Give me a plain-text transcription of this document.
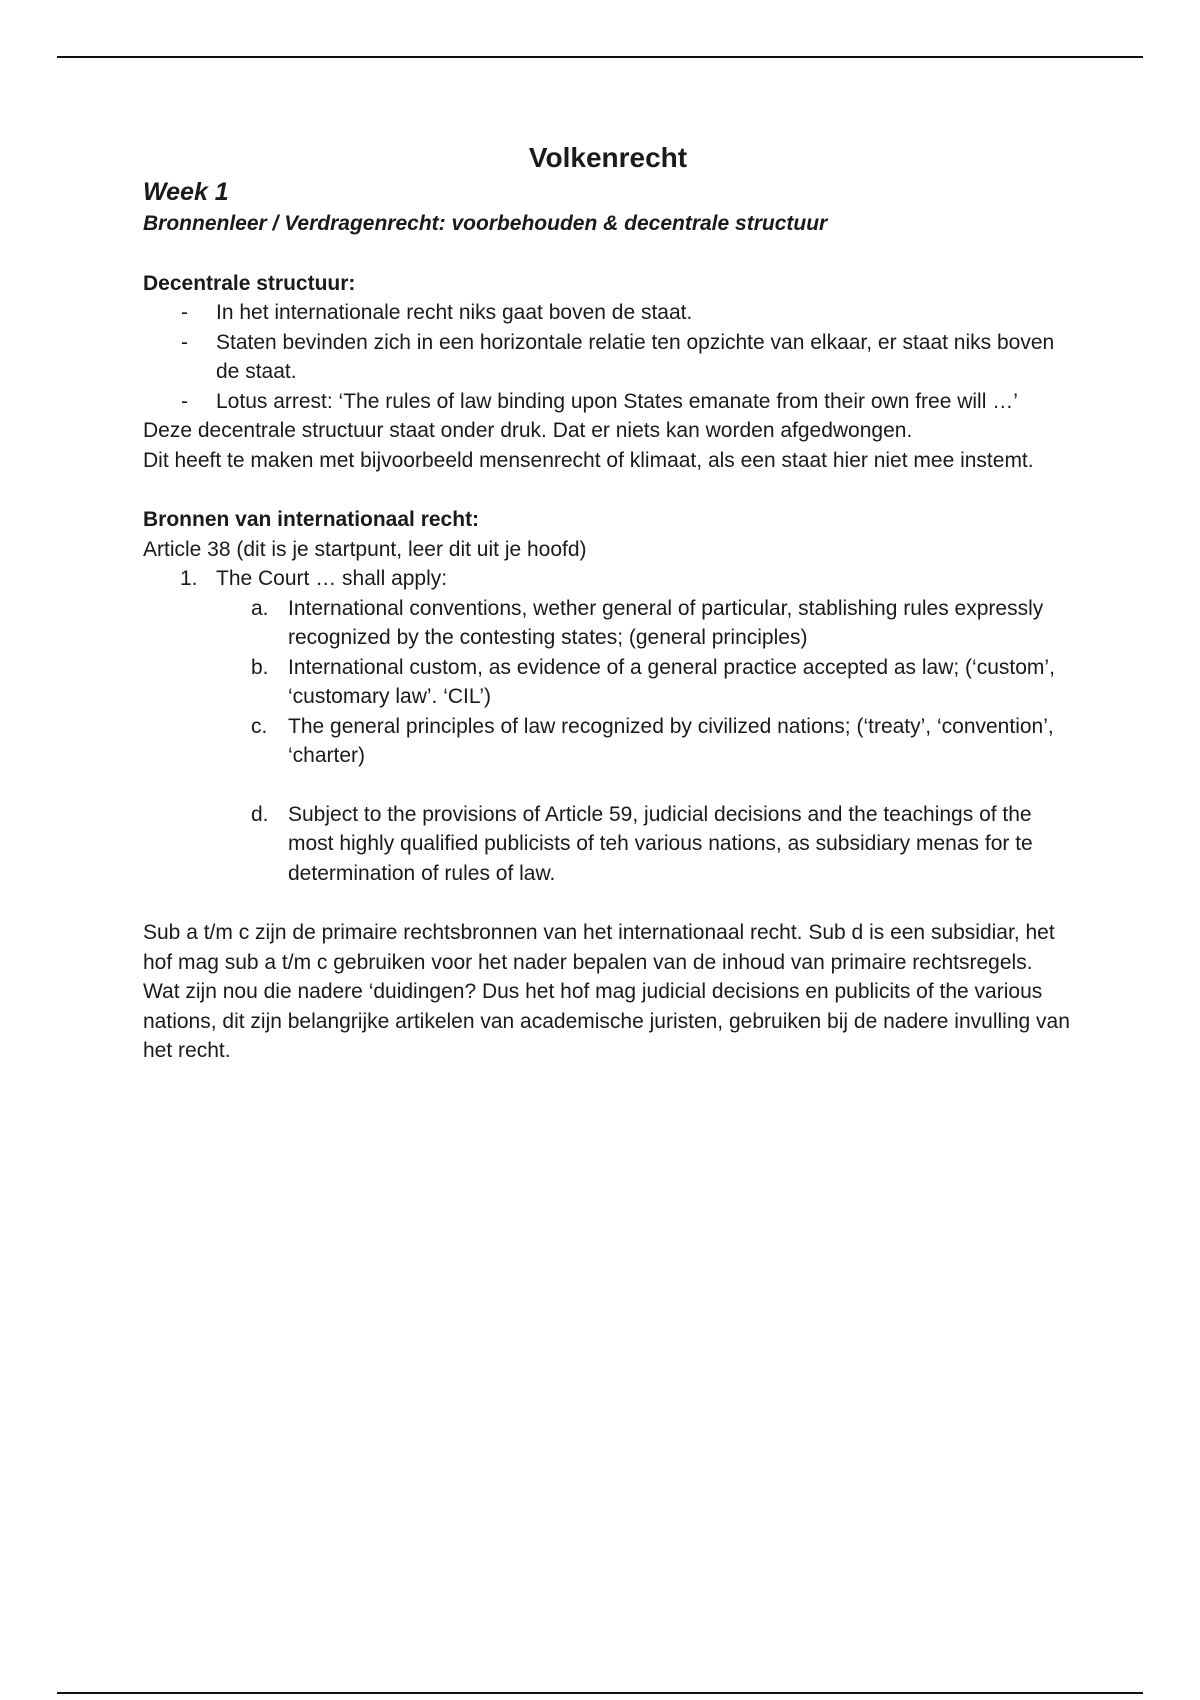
Volkenrecht

Week 1

Bronnenleer / Verdragenrecht: voorbehouden & decentrale structuur

Decentrale structuur:

- In het internationale recht niks gaat boven de staat.
- Staten bevinden zich in een horizontale relatie ten opzichte van elkaar, er staat niks boven de staat.
- Lotus arrest: ‘The rules of law binding upon States emanate from their own free will …’

Deze decentrale structuur staat onder druk. Dat er niets kan worden afgedwongen.

Dit heeft te maken met bijvoorbeeld mensenrecht of klimaat, als een staat hier niet mee instemt.

Bronnen van internationaal recht:

Article 38 (dit is je startpunt, leer dit uit je hoofd)

1. The Court … shall apply:
a. International conventions, wether general of particular, stablishing rules expressly recognized by the contesting states; (general principles)
b. International custom, as evidence of a general practice accepted as law; (‘custom’, ‘customary law’. ‘CIL’)
c. The general principles of law recognized by civilized nations; (‘treaty’, ‘convention’, ‘charter)
d. Subject to the provisions of Article 59, judicial decisions and the teachings of the most highly qualified publicists of teh various nations, as subsidiary menas for te determination of rules of law.

Sub a t/m c zijn de primaire rechtsbronnen van het internationaal recht. Sub d is een subsidiar, het hof mag sub a t/m c gebruiken voor het nader bepalen van de inhoud van primaire rechtsregels. Wat zijn nou die nadere ‘duidingen? Dus het hof mag judicial decisions en publicits of the various nations, dit zijn belangrijke artikelen van academische juristen, gebruiken bij de nadere invulling van het recht.
